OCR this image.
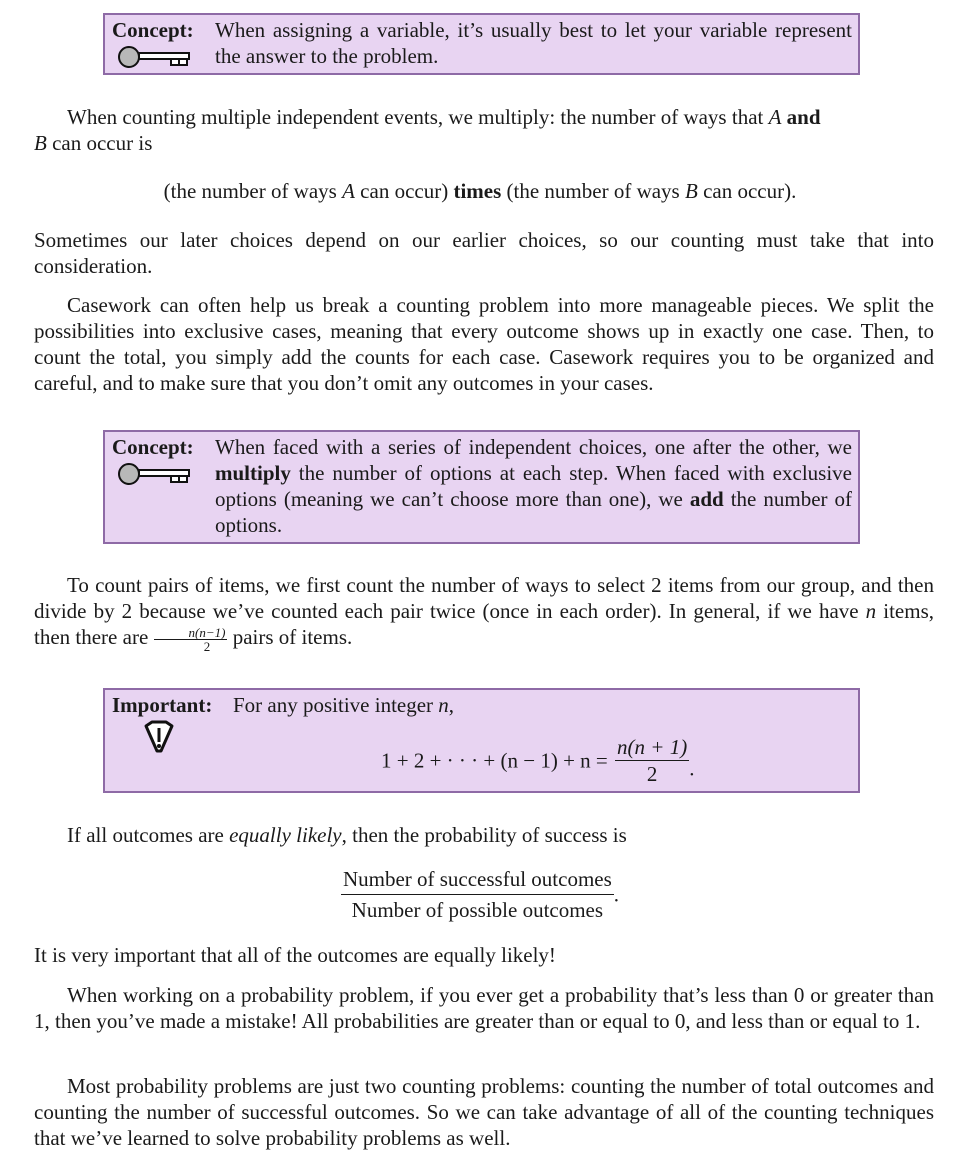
Concept: When assigning a variable, it’s usually best to let your variable represent the answer to the problem.

When counting multiple independent events, we multiply: the number of ways that A and
B can occur is

(the number of ways A can occur) times (the number of ways B can occur).

Sometimes our later choices depend on our earlier choices, so our counting must take that into consideration.

Casework can often help us break a counting problem into more manageable pieces. We split the possibilities into exclusive cases, meaning that every outcome shows up in exactly one case. Then, to count the total, you simply add the counts for each case. Casework requires you to be organized and careful, and to make sure that you don’t omit any outcomes in your cases.

Concept: When faced with a series of independent choices, one after the other, we multiply the number of options at each step. When faced with exclusive options (meaning we can’t choose more than one), we add the number of options.

To count pairs of items, we first count the number of ways to select 2 items from our group, and then divide by 2 because we’ve counted each pair twice (once in each order). In general, if we have n items, then there are $\frac{n(n-1)}{2}$ pairs of items.

Important: For any positive integer n,
1 + 2 + · · · + $(n - 1) + n = \frac{n(n + 1)}{2}$ .

If all outcomes are equally likely, then the probability of success is

$\frac{\text{Number of successful outcomes}}{\text{Number of possible outcomes}}$ .

It is very important that all of the outcomes are equally likely!

When working on a probability problem, if you ever get a probability that’s less than 0 or greater than 1, then you’ve made a mistake! All probabilities are greater than or equal to 0, and less than or equal to 1.

Most probability problems are just two counting problems: counting the number of total outcomes and counting the number of successful outcomes. So we can take advantage of all of the counting techniques that we’ve learned to solve probability problems as well.
